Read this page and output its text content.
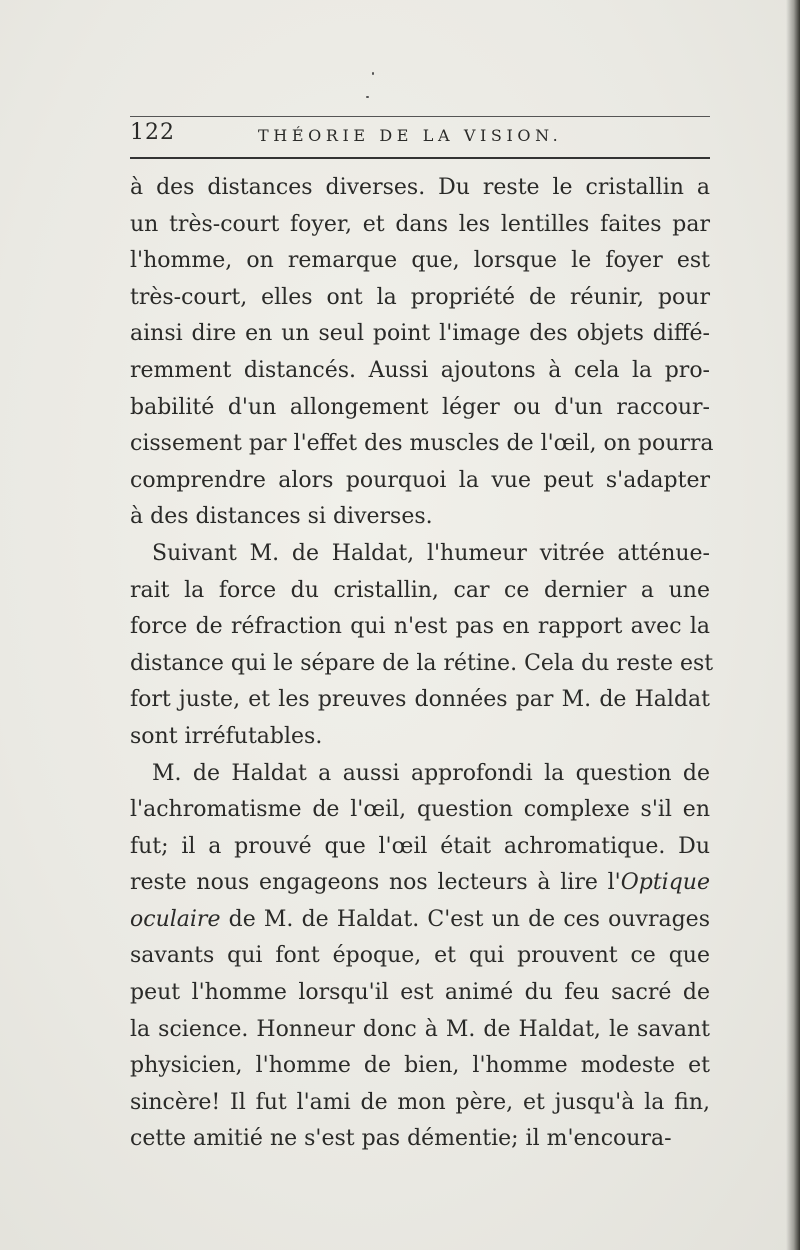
122	THÉORIE DE LA VISION.
à des distances diverses. Du reste le cristallin a
un très-court foyer, et dans les lentilles faites par
l'homme, on remarque que, lorsque le foyer est
très-court, elles ont la propriété de réunir, pour
ainsi dire en un seul point l'image des objets diffé-
remment distancés. Aussi ajoutons à cela la pro-
babilité d'un allongement léger ou d'un raccour-
cissement par l'effet des muscles de l'œil, on pourra
comprendre alors pourquoi la vue peut s'adapter
à des distances si diverses.
Suivant M. de Haldat, l'humeur vitrée atténue-
rait la force du cristallin, car ce dernier a une
force de réfraction qui n'est pas en rapport avec la
distance qui le sépare de la rétine. Cela du reste est
fort juste, et les preuves données par M. de Haldat
sont irréfutables.
M. de Haldat a aussi approfondi la question de
l'achromatisme de l'œil, question complexe s'il en
fut; il a prouvé que l'œil était achromatique. Du
reste nous engageons nos lecteurs à lire l'Optique
oculaire de M. de Haldat. C'est un de ces ouvrages
savants qui font époque, et qui prouvent ce que
peut l'homme lorsqu'il est animé du feu sacré de
la science. Honneur donc à M. de Haldat, le savant
physicien, l'homme de bien, l'homme modeste et
sincère! Il fut l'ami de mon père, et jusqu'à la fin,
cette amitié ne s'est pas démentie; il m'encoura-
